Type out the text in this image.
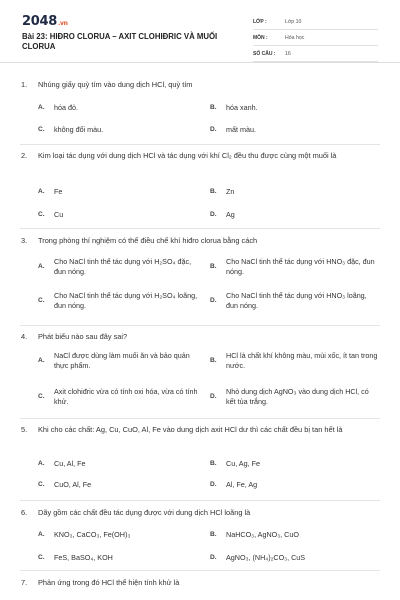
2048.vn
Bài 23: HIĐRO CLORUA – AXIT CLOHIĐRIC VÀ MUỐI CLORUA
LỚP :	Lớp 10
MÔN :	Hóa học
SỐ CÂU :	16
1.	Nhúng giấy quỳ tím vào dung dịch HCl, quỳ tím
A.	hóa đỏ.	B.	hóa xanh.
C.	không đổi màu.	D.	mất màu.
2.	Kim loại tác dụng với dung dịch HCl và tác dụng với khí Cl₂ đều thu được cùng một muối là
A.	Fe	B.	Zn
C.	Cu	D.	Ag
3.	Trong phòng thí nghiệm có thể điều chế khí hiđro clorua bằng cách
A.
Cho NaCl tinh thể tác dụng với H₂SO₄ đặc, đun nóng.
B.
Cho NaCl tinh thể tác dụng với HNO₃ đặc, đun nóng.
C.
Cho NaCl tinh thể tác dụng với H₂SO₄ loãng, đun nóng.
D.
Cho NaCl tinh thể tác dụng với HNO₃ loãng, đun nóng.
4.	Phát biểu nào sau đây sai?
A.
NaCl được dùng làm muối ăn và bảo quản thực phẩm.
B.
HCl là chất khí không màu, mùi xốc, ít tan trong nước.
C.
Axit clohiđric vừa có tính oxi hóa, vừa có tính khử.
D.
Nhỏ dung dịch AgNO₃ vào dung dịch HCl, có kết tủa trắng.
5.	Khi cho các chất: Ag, Cu, CuO, Al, Fe vào dung dịch axit HCl dư thì các chất đều bị tan hết là
A.	Cu, Al, Fe	B.	Cu, Ag, Fe
C.	CuO, Al, Fe	D.	Al, Fe, Ag
6.	Dãy gồm các chất đều tác dụng được với dung dịch HCl loãng là
A.	KNO₃, CaCO₃, Fe(OH)₃	B.	NaHCO₃, AgNO₃, CuO
C.	FeS, BaSO₄, KOH	D.	AgNO₃, (NH₄)₂CO₃, CuS
7.	Phản ứng trong đó HCl thể hiện tính khử là
